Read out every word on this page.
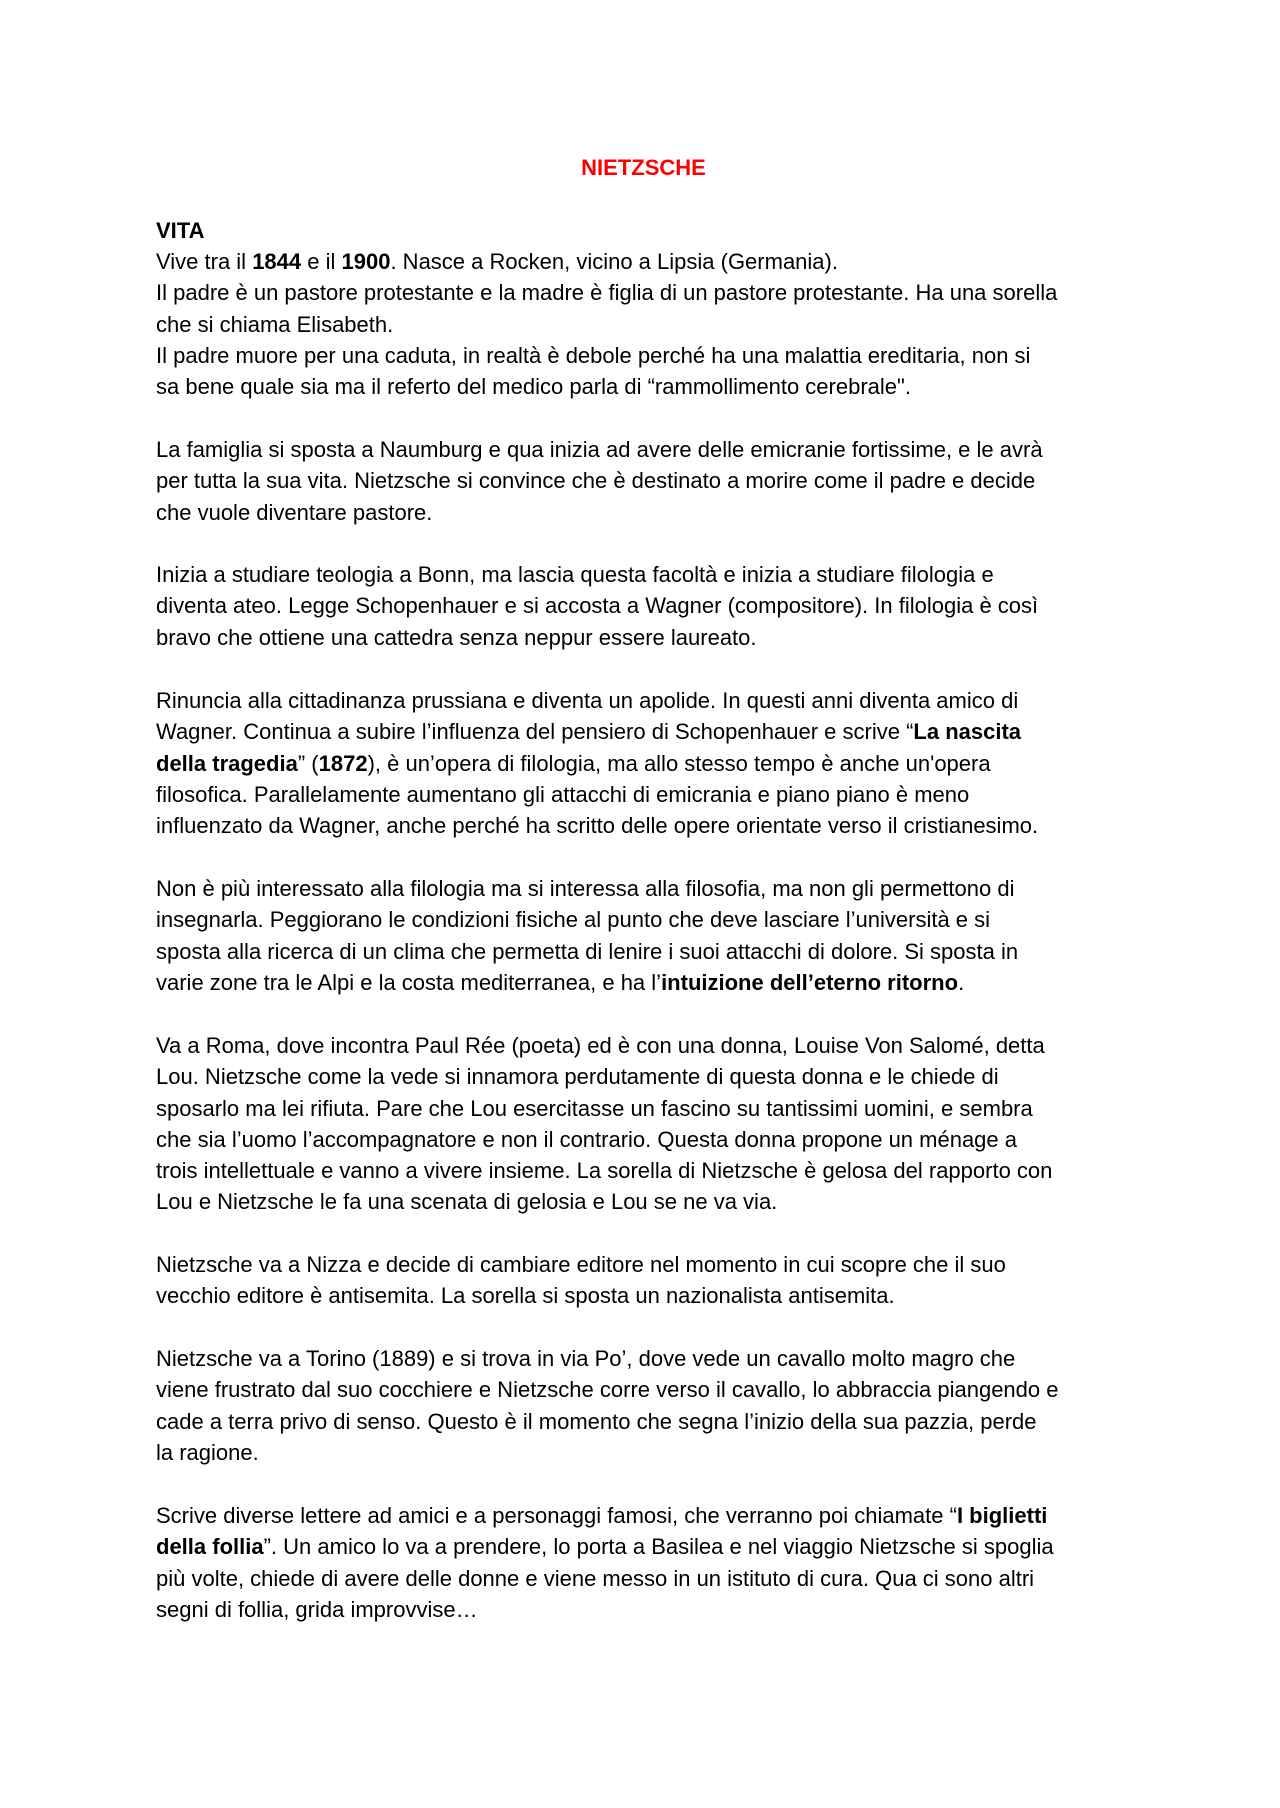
NIETZSCHE
VITA
Vive tra il 1844 e il 1900. Nasce a Rocken, vicino a Lipsia (Germania).
Il padre è un pastore protestante e la madre è figlia di un pastore protestante. Ha una sorella
che si chiama Elisabeth.
Il padre muore per una caduta, in realtà è debole perché ha una malattia ereditaria, non si
sa bene quale sia ma il referto del medico parla di “rammollimento cerebrale".
La famiglia si sposta a Naumburg e qua inizia ad avere delle emicranie fortissime, e le avrà
per tutta la sua vita. Nietzsche si convince che è destinato a morire come il padre e decide
che vuole diventare pastore.
Inizia a studiare teologia a Bonn, ma lascia questa facoltà e inizia a studiare filologia e
diventa ateo. Legge Schopenhauer e si accosta a Wagner (compositore). In filologia è così
bravo che ottiene una cattedra senza neppur essere laureato.
Rinuncia alla cittadinanza prussiana e diventa un apolide. In questi anni diventa amico di
Wagner. Continua a subire l’influenza del pensiero di Schopenhauer e scrive “La nascita
della tragedia” (1872), è un’opera di filologia, ma allo stesso tempo è anche un'opera
filosofica. Parallelamente aumentano gli attacchi di emicrania e piano piano è meno
influenzato da Wagner, anche perché ha scritto delle opere orientate verso il cristianesimo.
Non è più interessato alla filologia ma si interessa alla filosofia, ma non gli permettono di
insegnarla. Peggiorano le condizioni fisiche al punto che deve lasciare l’università e si
sposta alla ricerca di un clima che permetta di lenire i suoi attacchi di dolore. Si sposta in
varie zone tra le Alpi e la costa mediterranea, e ha l’intuizione dell’eterno ritorno.
Va a Roma, dove incontra Paul Rée (poeta) ed è con una donna, Louise Von Salomé, detta
Lou. Nietzsche come la vede si innamora perdutamente di questa donna e le chiede di
sposarlo ma lei rifiuta. Pare che Lou esercitasse un fascino su tantissimi uomini, e sembra
che sia l’uomo l’accompagnatore e non il contrario. Questa donna propone un ménage a
trois intellettuale e vanno a vivere insieme. La sorella di Nietzsche è gelosa del rapporto con
Lou e Nietzsche le fa una scenata di gelosia e Lou se ne va via.
Nietzsche va a Nizza e decide di cambiare editore nel momento in cui scopre che il suo
vecchio editore è antisemita. La sorella si sposta un nazionalista antisemita.
Nietzsche va a Torino (1889) e si trova in via Po’, dove vede un cavallo molto magro che
viene frustrato dal suo cocchiere e Nietzsche corre verso il cavallo, lo abbraccia piangendo e
cade a terra privo di senso. Questo è il momento che segna l’inizio della sua pazzia, perde
la ragione.
Scrive diverse lettere ad amici e a personaggi famosi, che verranno poi chiamate “I biglietti
della follia”. Un amico lo va a prendere, lo porta a Basilea e nel viaggio Nietzsche si spoglia
più volte, chiede di avere delle donne e viene messo in un istituto di cura. Qua ci sono altri
segni di follia, grida improvvise…
